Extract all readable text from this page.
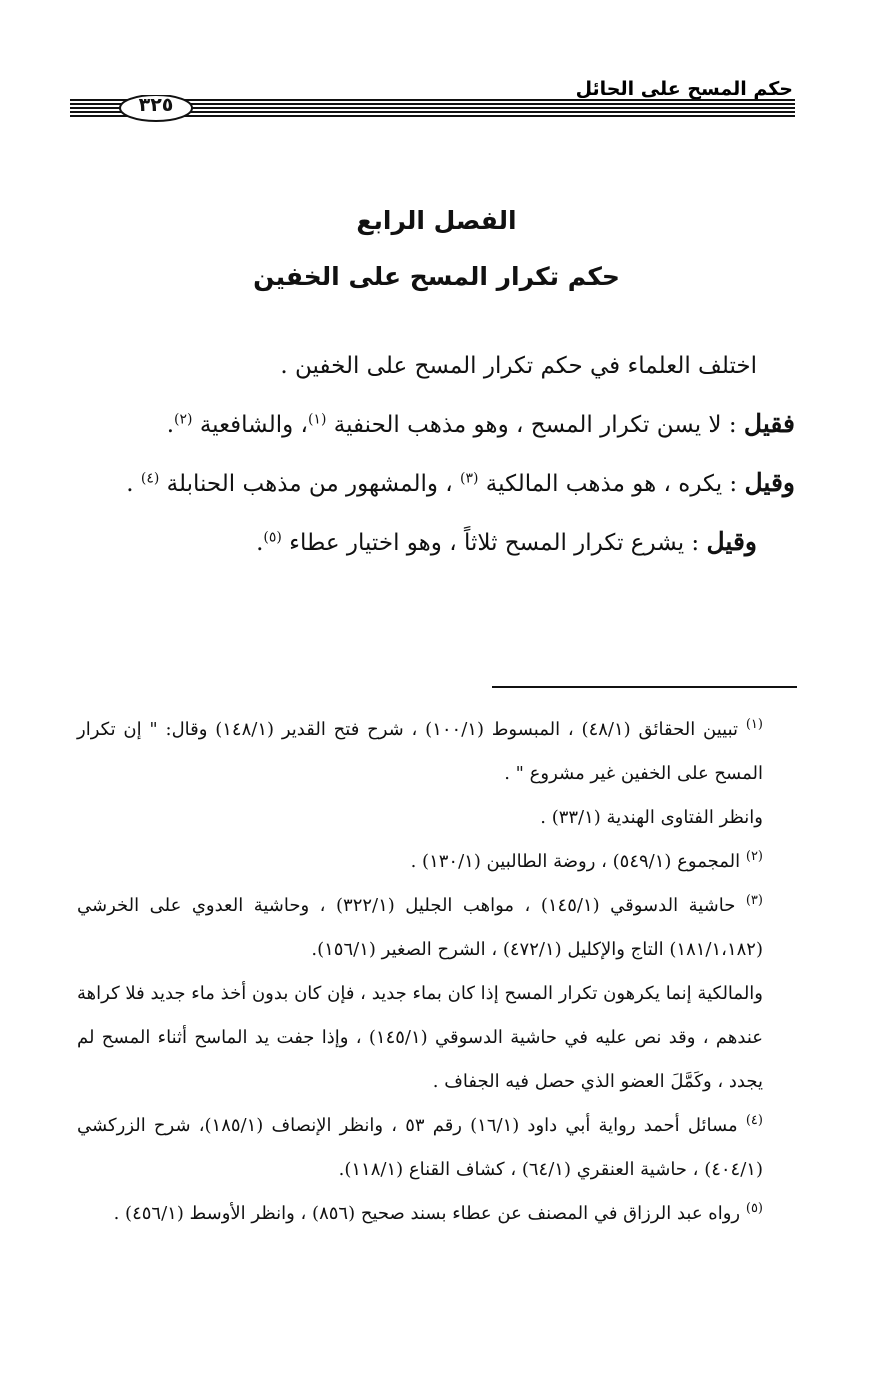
حكم المسح على الحائل
٣٢٥
الفصل الرابع
حكم تكرار المسح على الخفين

اختلف العلماء في حكم تكرار المسح على الخفين .

فقيل : لا يسن تكرار المسح ، وهو مذهب الحنفية $^{(١)}$، والشافعية $^{(٢)}$.

وقيل : يكره ، هو مذهب المالكية $^{(٣)}$ ، والمشهور من مذهب الحنابلة $^{(٤)}$ .

وقيل : يشرع تكرار المسح ثلاثاً ، وهو اختيار عطاء $^{(٥)}$.

$^{(١)}$ تبيين الحقائق (٤٨/١) ، المبسوط (١٠٠/١) ، شرح فتح القدير (١٤٨/١) وقال: " إن تكرار المسح على الخفين غير مشروع " .

وانظر الفتاوى الهندية (٣٣/١) .

$^{(٢)}$ المجموع (٥٤٩/١) ، روضة الطالبين (١٣٠/١) .

$^{(٣)}$ حاشية الدسوقي (١٤٥/١) ، مواهب الجليل (٣٢٢/١) ، وحاشية العدوي على الخرشي (١٨١/١،١٨٢) التاج والإكليل (٤٧٢/١) ، الشرح الصغير (١٥٦/١).

والمالكية إنما يكرهون تكرار المسح إذا كان بماء جديد ، فإن كان بدون أخذ ماء جديد فلا كراهة عندهم ، وقد نص عليه في حاشية الدسوقي (١٤٥/١) ، وإذا جفت يد الماسح أثناء المسح لم يجدد ، وكَمَّلَ العضو الذي حصل فيه الجفاف .

$^{(٤)}$ مسائل أحمد رواية أبي داود (١٦/١) رقم ٥٣ ، وانظر الإنصاف (١٨٥/١)، شرح الزركشي (٤٠٤/١) ، حاشية العنقري (٦٤/١) ، كشاف القناع (١١٨/١).

$^{(٥)}$ رواه عبد الرزاق في المصنف عن عطاء بسند صحيح (٨٥٦) ، وانظر الأوسط (٤٥٦/١) .
